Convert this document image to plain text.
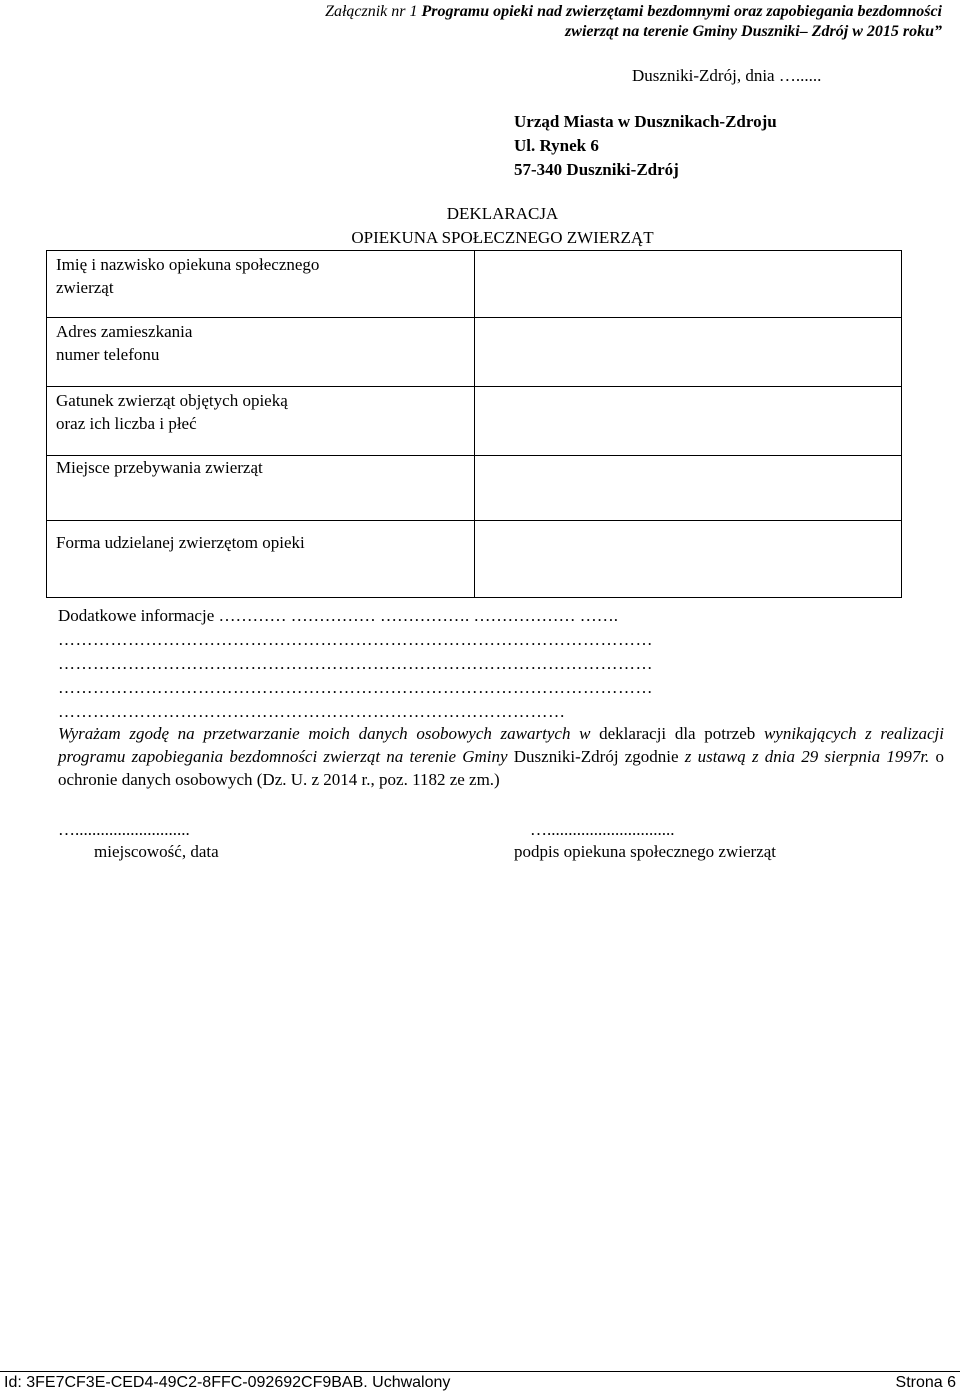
Załącznik nr 1 Programu opieki nad zwierzętami bezdomnymi oraz zapobiegania bezdomności
zwierząt na terenie Gminy Duszniki– Zdrój w 2015 roku”
Duszniki-Zdrój, dnia …......
Urząd Miasta w Dusznikach-Zdroju
Ul. Rynek 6
57-340 Duszniki-Zdrój
DEKLARACJA
OPIEKUNA SPOŁECZNEGO ZWIERZĄT
Imię i nazwisko opiekuna społecznego
zwierząt	

Adres zamieszkania
numer telefonu	

Gatunek zwierząt objętych opieką
oraz ich liczba i płeć	

Miejsce przebywania zwierząt	

Forma udzielanej zwierzętom opieki	

Dodatkowe informacje ………… …………… ……………. ……………… …….
…………………………………………………………………………………………
…………………………………………………………………………………………
…………………………………………………………………………………………
……………………………………………………………………………
Wyrażam zgodę na przetwarzanie moich danych osobowych zawartych w deklaracji dla potrzeb wynikających z realizacji programu zapobiegania bezdomności zwierząt na terenie Gminy Duszniki-Zdrój zgodnie z ustawą z dnia 29 sierpnia 1997r. o ochronie danych osobowych (Dz. U. z 2014 r., poz. 1182 ze zm.)
…...........................
miejscowość, data
…..............................
podpis opiekuna społecznego zwierząt
Id: 3FE7CF3E-CED4-49C2-8FFC-092692CF9BAB. Uchwalony	Strona 6
